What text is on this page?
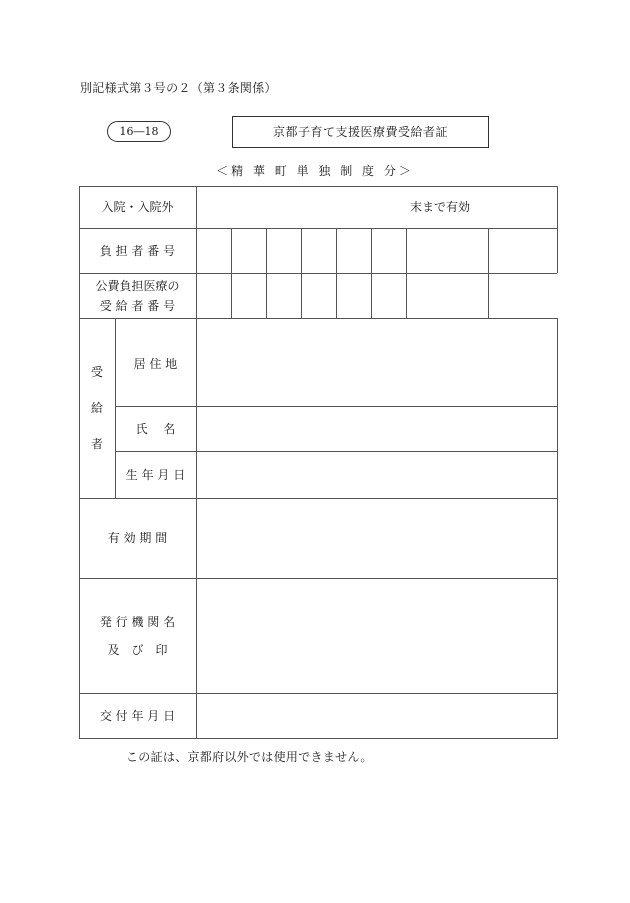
別記様式第３号の２（第３条関係）
16―18	京都子育て支援医療費受給者証
＜精 華 町 単 独 制 度 分＞
入院・入院外	末まで有効
負 担 者 番 号
公費負担医療の
受 給 者 番 号
受
給
者
居 住 地
氏　 名
生 年 月 日
有 効 期 間
発 行 機 関 名
及　び　印
交 付 年 月 日
この証は、京都府以外では使用できません。
